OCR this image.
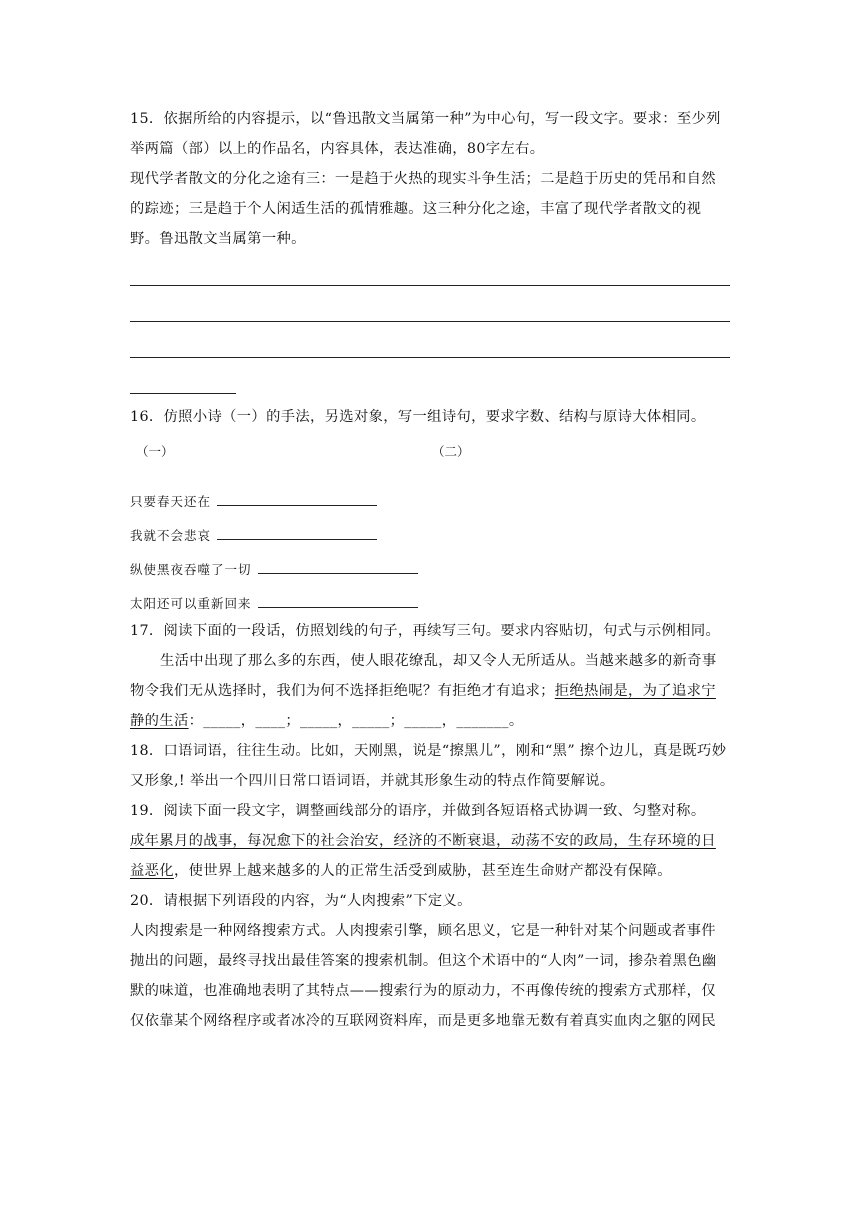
15．依据所给的内容提示，以“鲁迅散文当属第一种”为中心句，写一段文字。要求：至少列举两篇（部）以上的作品名，内容具体，表达准确，80字左右。

现代学者散文的分化之途有三：一是趋于火热的现实斗争生活；二是趋于历史的凭吊和自然的踪迹；三是趋于个人闲适生活的孤情雅趣。这三种分化之途，丰富了现代学者散文的视野。鲁迅散文当属第一种。

16．仿照小诗（一）的手法，另选对象，写一组诗句，要求字数、结构与原诗大体相同。

（一）	（二）
只要春天还在
我就不会悲哀
纵使黑夜吞噬了一切
太阳还可以重新回来

17．阅读下面的一段话，仿照划线的句子，再续写三句。要求内容贴切，句式与示例相同。

生活中出现了那么多的东西，使人眼花缭乱，却又令人无所适从。当越来越多的新奇事物令我们无从选择时，我们为何不选择拒绝呢？有拒绝才有追求；拒绝热闹是，为了追求宁静的生活：_____，____；_____，_____；_____，_______。

18．口语词语，往往生动。比如，天刚黑，说是“擦黑儿”，刚和“黑” 擦个边儿，真是既巧妙又形象,! 举出一个四川日常口语词语，并就其形象生动的特点作简要解说。

19．阅读下面一段文字，调整画线部分的语序，并做到各短语格式协调一致、匀整对称。

成年累月的战事，每况愈下的社会治安，经济的不断衰退，动荡不安的政局，生存环境的日益恶化，使世界上越来越多的人的正常生活受到威胁，甚至连生命财产都没有保障。

20．请根据下列语段的内容，为“人肉搜索”下定义。

人肉搜索是一种网络搜索方式。人肉搜索引擎，顾名思义，它是一种针对某个问题或者事件抛出的问题，最终寻找出最佳答案的搜索机制。但这个术语中的“人肉”一词，掺杂着黑色幽默的味道，也准确地表明了其特点——搜索行为的原动力，不再像传统的搜索方式那样，仅仅依靠某个网络程序或者冰冷的互联网资料库，而是更多地靠无数有着真实血肉之躯的网民
